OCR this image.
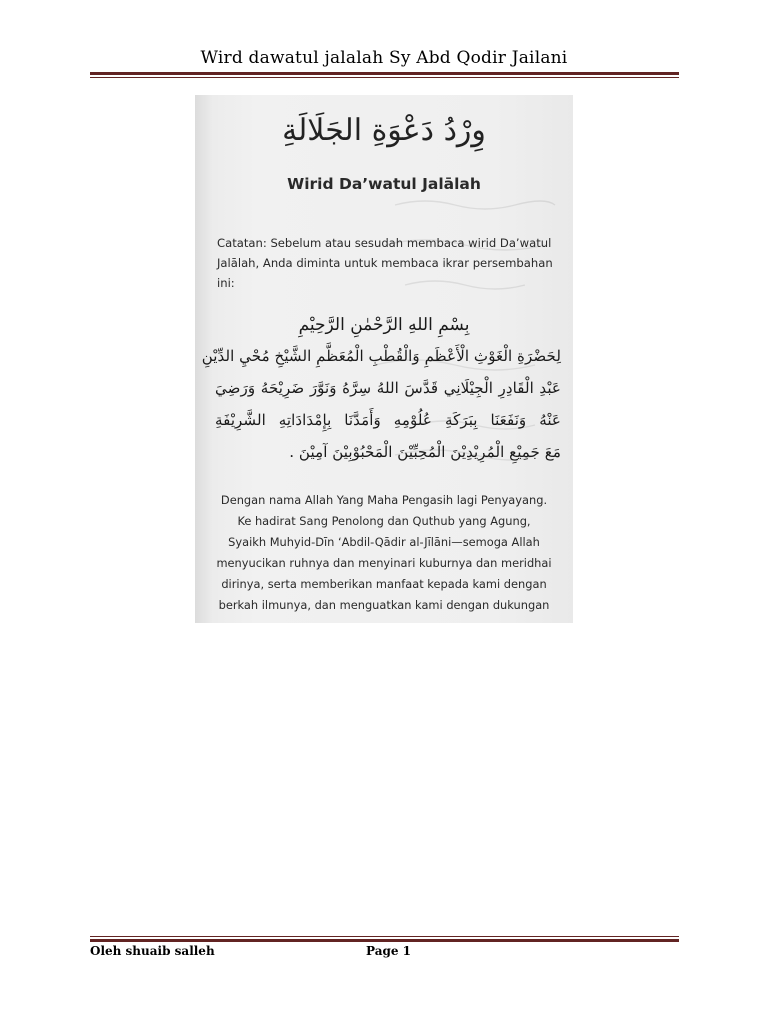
Wird dawatul jalalah Sy Abd Qodir Jailani
وِرْدُ دَعْوَةِ الجَلَالَةِ
Wirid Da’watul Jalālah
Catatan: Sebelum atau sesudah membaca wirid Da’watul
Jalālah, Anda diminta untuk membaca ikrar persembahan
ini:
بِسْمِ اللهِ الرَّحْمٰنِ الرَّحِيْمِ
لِحَضْرَةِ الْغَوْثِ الْأَعْظَمِ وَالْقُطْبِ الْمُعَظَّمِ الشَّيْخِ مُحْيِ الدِّيْنِ
عَبْدِ الْقَادِرِ الْجِيْلَانِي قَدَّسَ اللهُ سِرَّهُ وَنَوَّرَ ضَرِيْحَهُ وَرَضِيَ
عَنْهُ وَنَفَعَنَا بِبَرَكَةِ عُلُوْمِهِ وَأَمَدَّنَا بِإِمْدَادَاتِهِ الشَّرِيْفَةِ
مَعَ جَمِيْعِ الْمُرِيْدِيْنَ الْمُحِبِّيْنَ الْمَحْبُوْبِيْنَ آمِيْنَ .
Dengan nama Allah Yang Maha Pengasih lagi Penyayang.
Ke hadirat Sang Penolong dan Quthub yang Agung,
Syaikh Muhyid-Dīn ‘Abdil-Qādir al-Jīlāni—semoga Allah
menyucikan ruhnya dan menyinari kuburnya dan meridhai
dirinya, serta memberikan manfaat kepada kami dengan
berkah ilmunya, dan menguatkan kami dengan dukungan
Oleh shuaib salleh	Page 1
